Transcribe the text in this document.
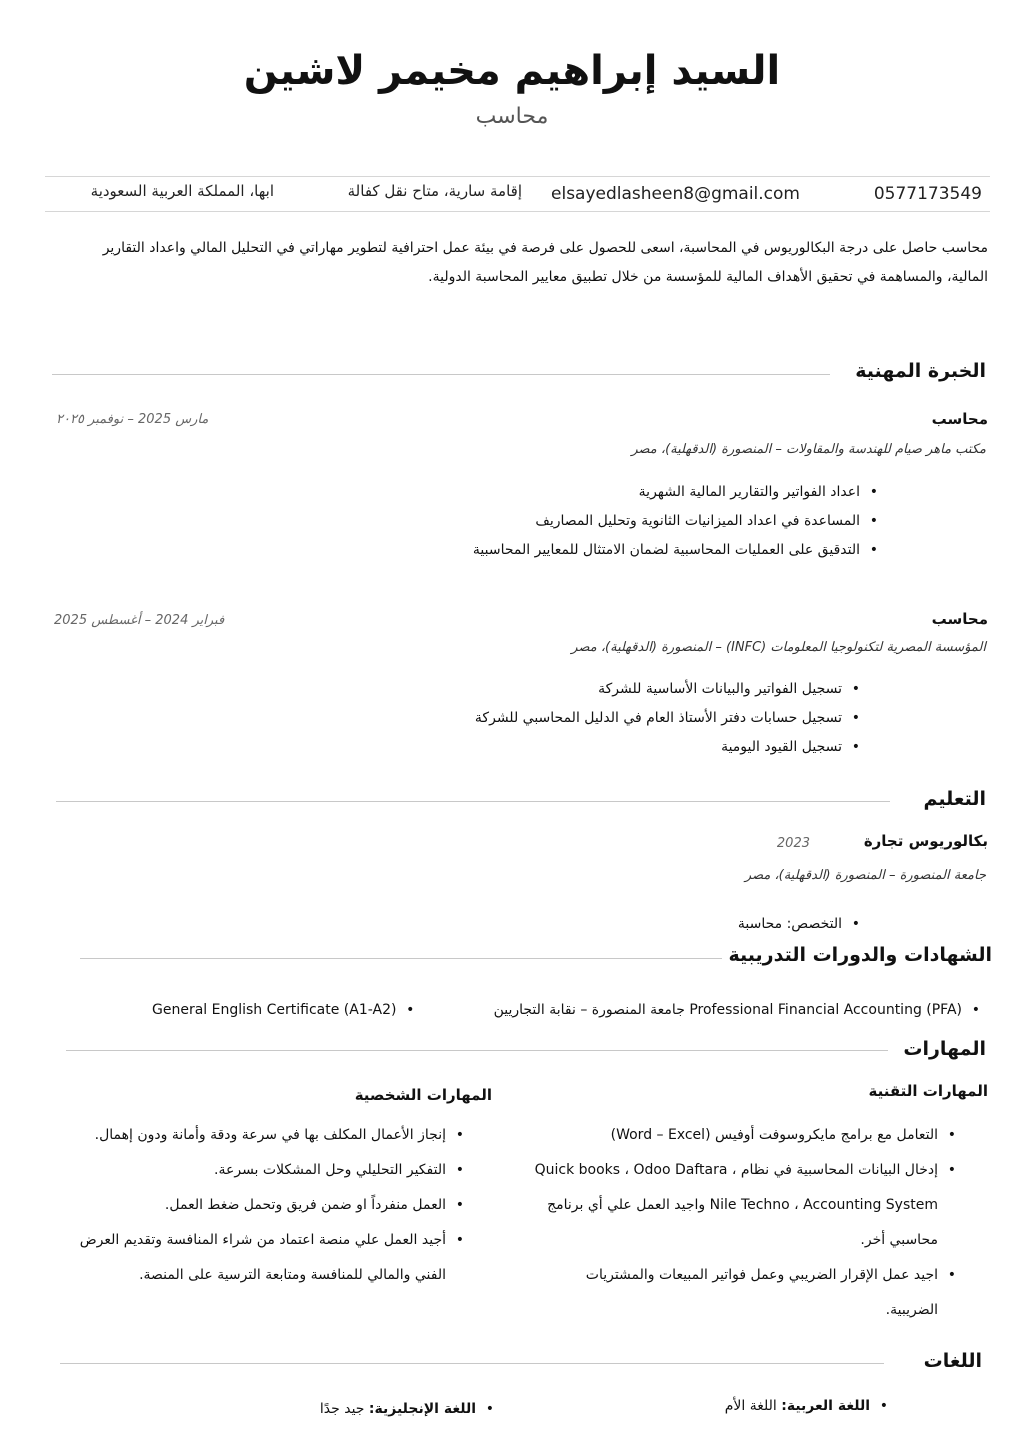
السيد إبراهيم مخيمر لاشين
محاسب
0577173549
elsayedlasheen8@gmail.com
إقامة سارية، متاح نقل كفالة
ابها، المملكة العربية السعودية
محاسب حاصل على درجة البكالوريوس في المحاسبة، اسعى للحصول على فرصة في بيئة عمل احترافية لتطوير مهاراتي في التحليل المالي واعداد التقارير المالية، والمساهمة في تحقيق الأهداف المالية للمؤسسة من خلال تطبيق معايير المحاسبة الدولية.
الخبرة المهنية
محاسب
مارس 2025 – نوفمبر ٢٠٢٥
مكتب ماهر صيام للهندسة والمقاولات – المنصورة (الدقهلية)، مصر
• اعداد الفواتير والتقارير المالية الشهرية
• المساعدة في اعداد الميزانيات الثانوية وتحليل المصاريف
• التدقيق على العمليات المحاسبية لضمان الامتثال للمعايير المحاسبية
محاسب
فبراير 2024 – أغسطس 2025
المؤسسة المصرية لتكنولوجيا المعلومات (INFC) – المنصورة (الدقهلية)، مصر
• تسجيل الفواتير والبيانات الأساسية للشركة
• تسجيل حسابات دفتر الأستاذ العام في الدليل المحاسبي للشركة
• تسجيل القيود اليومية
التعليم
بكالوريوس تجارة
2023
جامعة المنصورة – المنصورة (الدقهلية)، مصر
• التخصص: محاسبة
الشهادات والدورات التدريبية
• Professional Financial Accounting (PFA) جامعة المنصورة – نقابة التجاريين
• General English Certificate (A1-A2)
المهارات
المهارات التقنية
• التعامل مع برامج مايكروسوفت أوفيس (Word – Excel)
• إدخال البيانات المحاسبية في نظام Quick books ، Odoo Daftara ، Nile Techno ، Accounting System واجيد العمل علي أي برنامج محاسبي أخر.
• اجيد عمل الإقرار الضريبي وعمل فواتير المبيعات والمشتريات الضريبية.
المهارات الشخصية
• إنجاز الأعمال المكلف بها في سرعة ودقة وأمانة ودون إهمال.
• التفكير التحليلي وحل المشكلات بسرعة.
• العمل منفرداً او ضمن فريق وتحمل ضغط العمل.
• أجيد العمل علي منصة اعتماد من شراء المنافسة وتقديم العرض الفني والمالي للمنافسة ومتابعة الترسية على المنصة.
اللغات
• اللغة العربية: اللغة الأم
• اللغة الإنجليزية: جيد جدًا
